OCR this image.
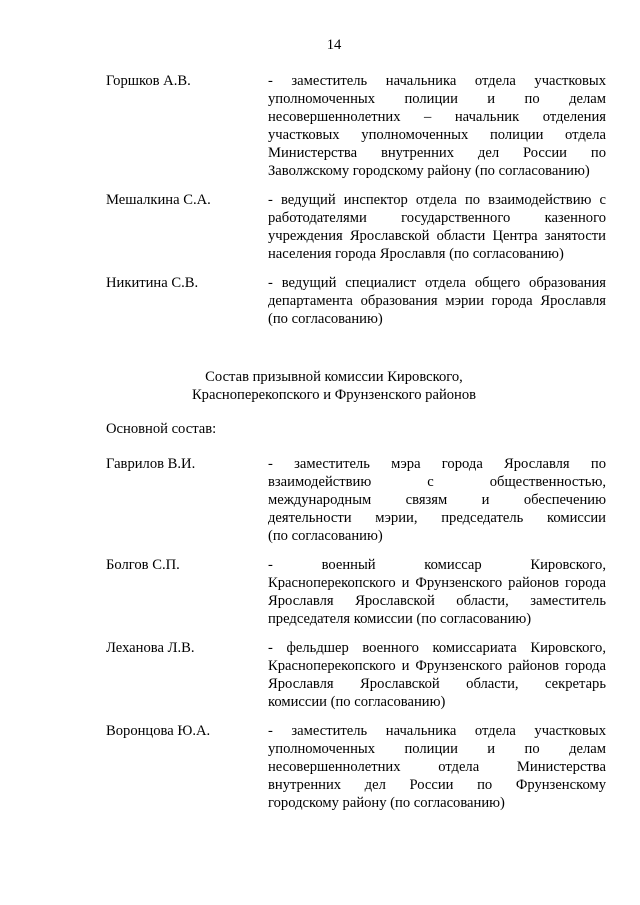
14
Горшков А.В.	- заместитель начальника отдела участковых
уполномоченных полиции и по делам
несовершеннолетних – начальник отделения
участковых уполномоченных полиции отдела
Министерства внутренних дел России по
Заволжскому городскому району (по согласованию)
Мешалкина С.А.	- ведущий инспектор отдела по взаимодействию с
работодателями государственного казенного
учреждения Ярославской области Центра занятости
населения города Ярославля (по согласованию)
Никитина С.В.	- ведущий специалист отдела общего образования
департамента образования мэрии города Ярославля
(по согласованию)
Состав призывной комиссии Кировского,
Красноперекопского и Фрунзенского районов
Основной состав:
Гаврилов В.И.	- заместитель мэра города Ярославля по
взаимодействию с общественностью,
международным связям и обеспечению
деятельности мэрии, председатель комиссии
(по согласованию)
Болгов С.П.	- военный комиссар Кировского,
Красноперекопского и Фрунзенского районов города
Ярославля Ярославской области, заместитель
председателя комиссии (по согласованию)
Леханова Л.В.	- фельдшер военного комиссариата Кировского,
Красноперекопского и Фрунзенского районов города
Ярославля Ярославской области, секретарь
комиссии (по согласованию)
Воронцова Ю.А.	- заместитель начальника отдела участковых
уполномоченных полиции и по делам
несовершеннолетних отдела Министерства
внутренних дел России по Фрунзенскому
городскому району (по согласованию)
